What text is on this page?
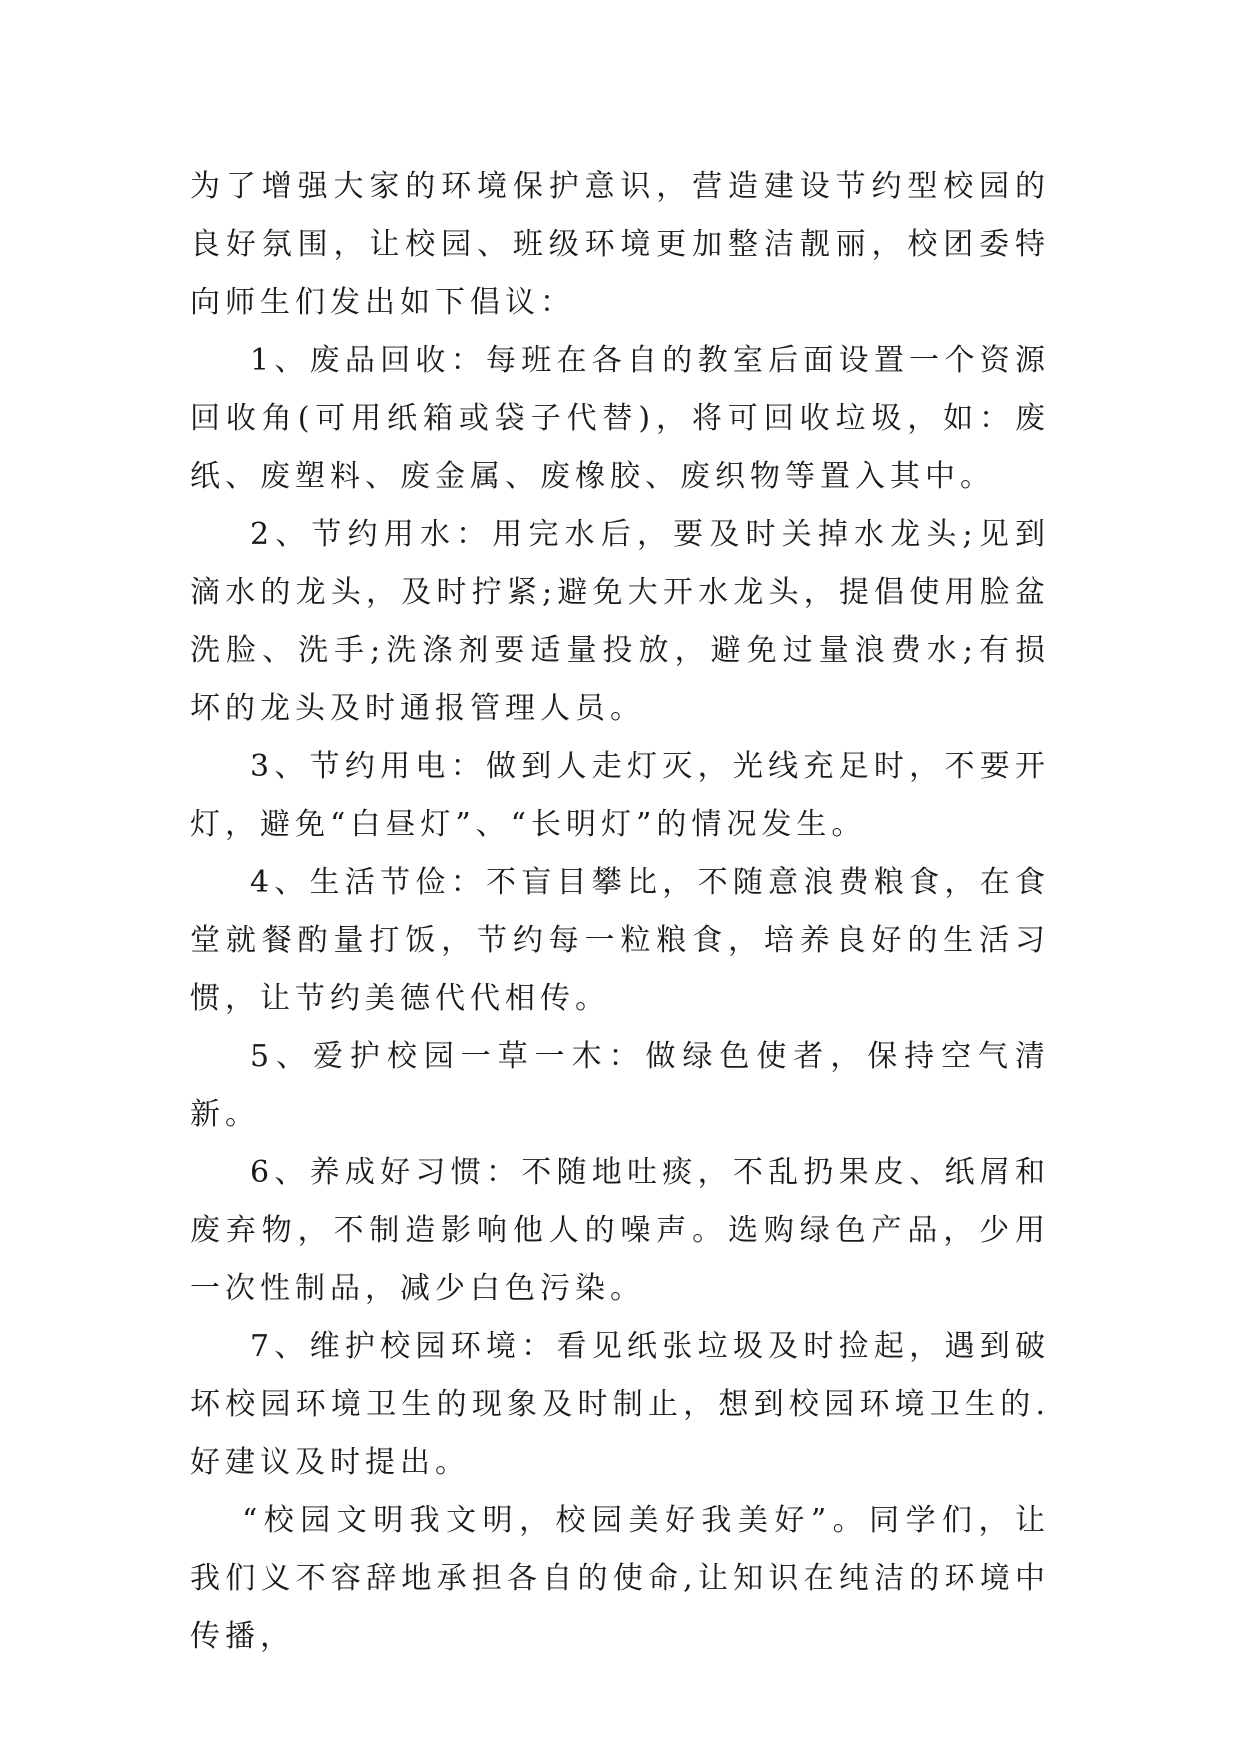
为了增强大家的环境保护意识，营造建设节约型校园的良好氛围，让校园、班级环境更加整洁靓丽，校团委特向师生们发出如下倡议：

1、废品回收：每班在各自的教室后面设置一个资源回收角(可用纸箱或袋子代替)，将可回收垃圾，如：废纸、废塑料、废金属、废橡胶、废织物等置入其中。

2、节约用水：用完水后，要及时关掉水龙头;见到滴水的龙头，及时拧紧;避免大开水龙头，提倡使用脸盆洗脸、洗手;洗涤剂要适量投放，避免过量浪费水;有损坏的龙头及时通报管理人员。

3、节约用电：做到人走灯灭，光线充足时，不要开灯，避免“白昼灯”、“长明灯”的情况发生。

4、生活节俭：不盲目攀比，不随意浪费粮食，在食堂就餐酌量打饭，节约每一粒粮食，培养良好的生活习惯，让节约美德代代相传。

5、爱护校园一草一木：做绿色使者，保持空气清新。

6、养成好习惯：不随地吐痰，不乱扔果皮、纸屑和废弃物，不制造影响他人的噪声。选购绿色产品，少用一次性制品，减少白色污染。

7、维护校园环境：看见纸张垃圾及时捡起，遇到破坏校园环境卫生的现象及时制止，想到校园环境卫生的.好建议及时提出。

“校园文明我文明，校园美好我美好”。同学们，让我们义不容辞地承担各自的使命,让知识在纯洁的环境中传播，
